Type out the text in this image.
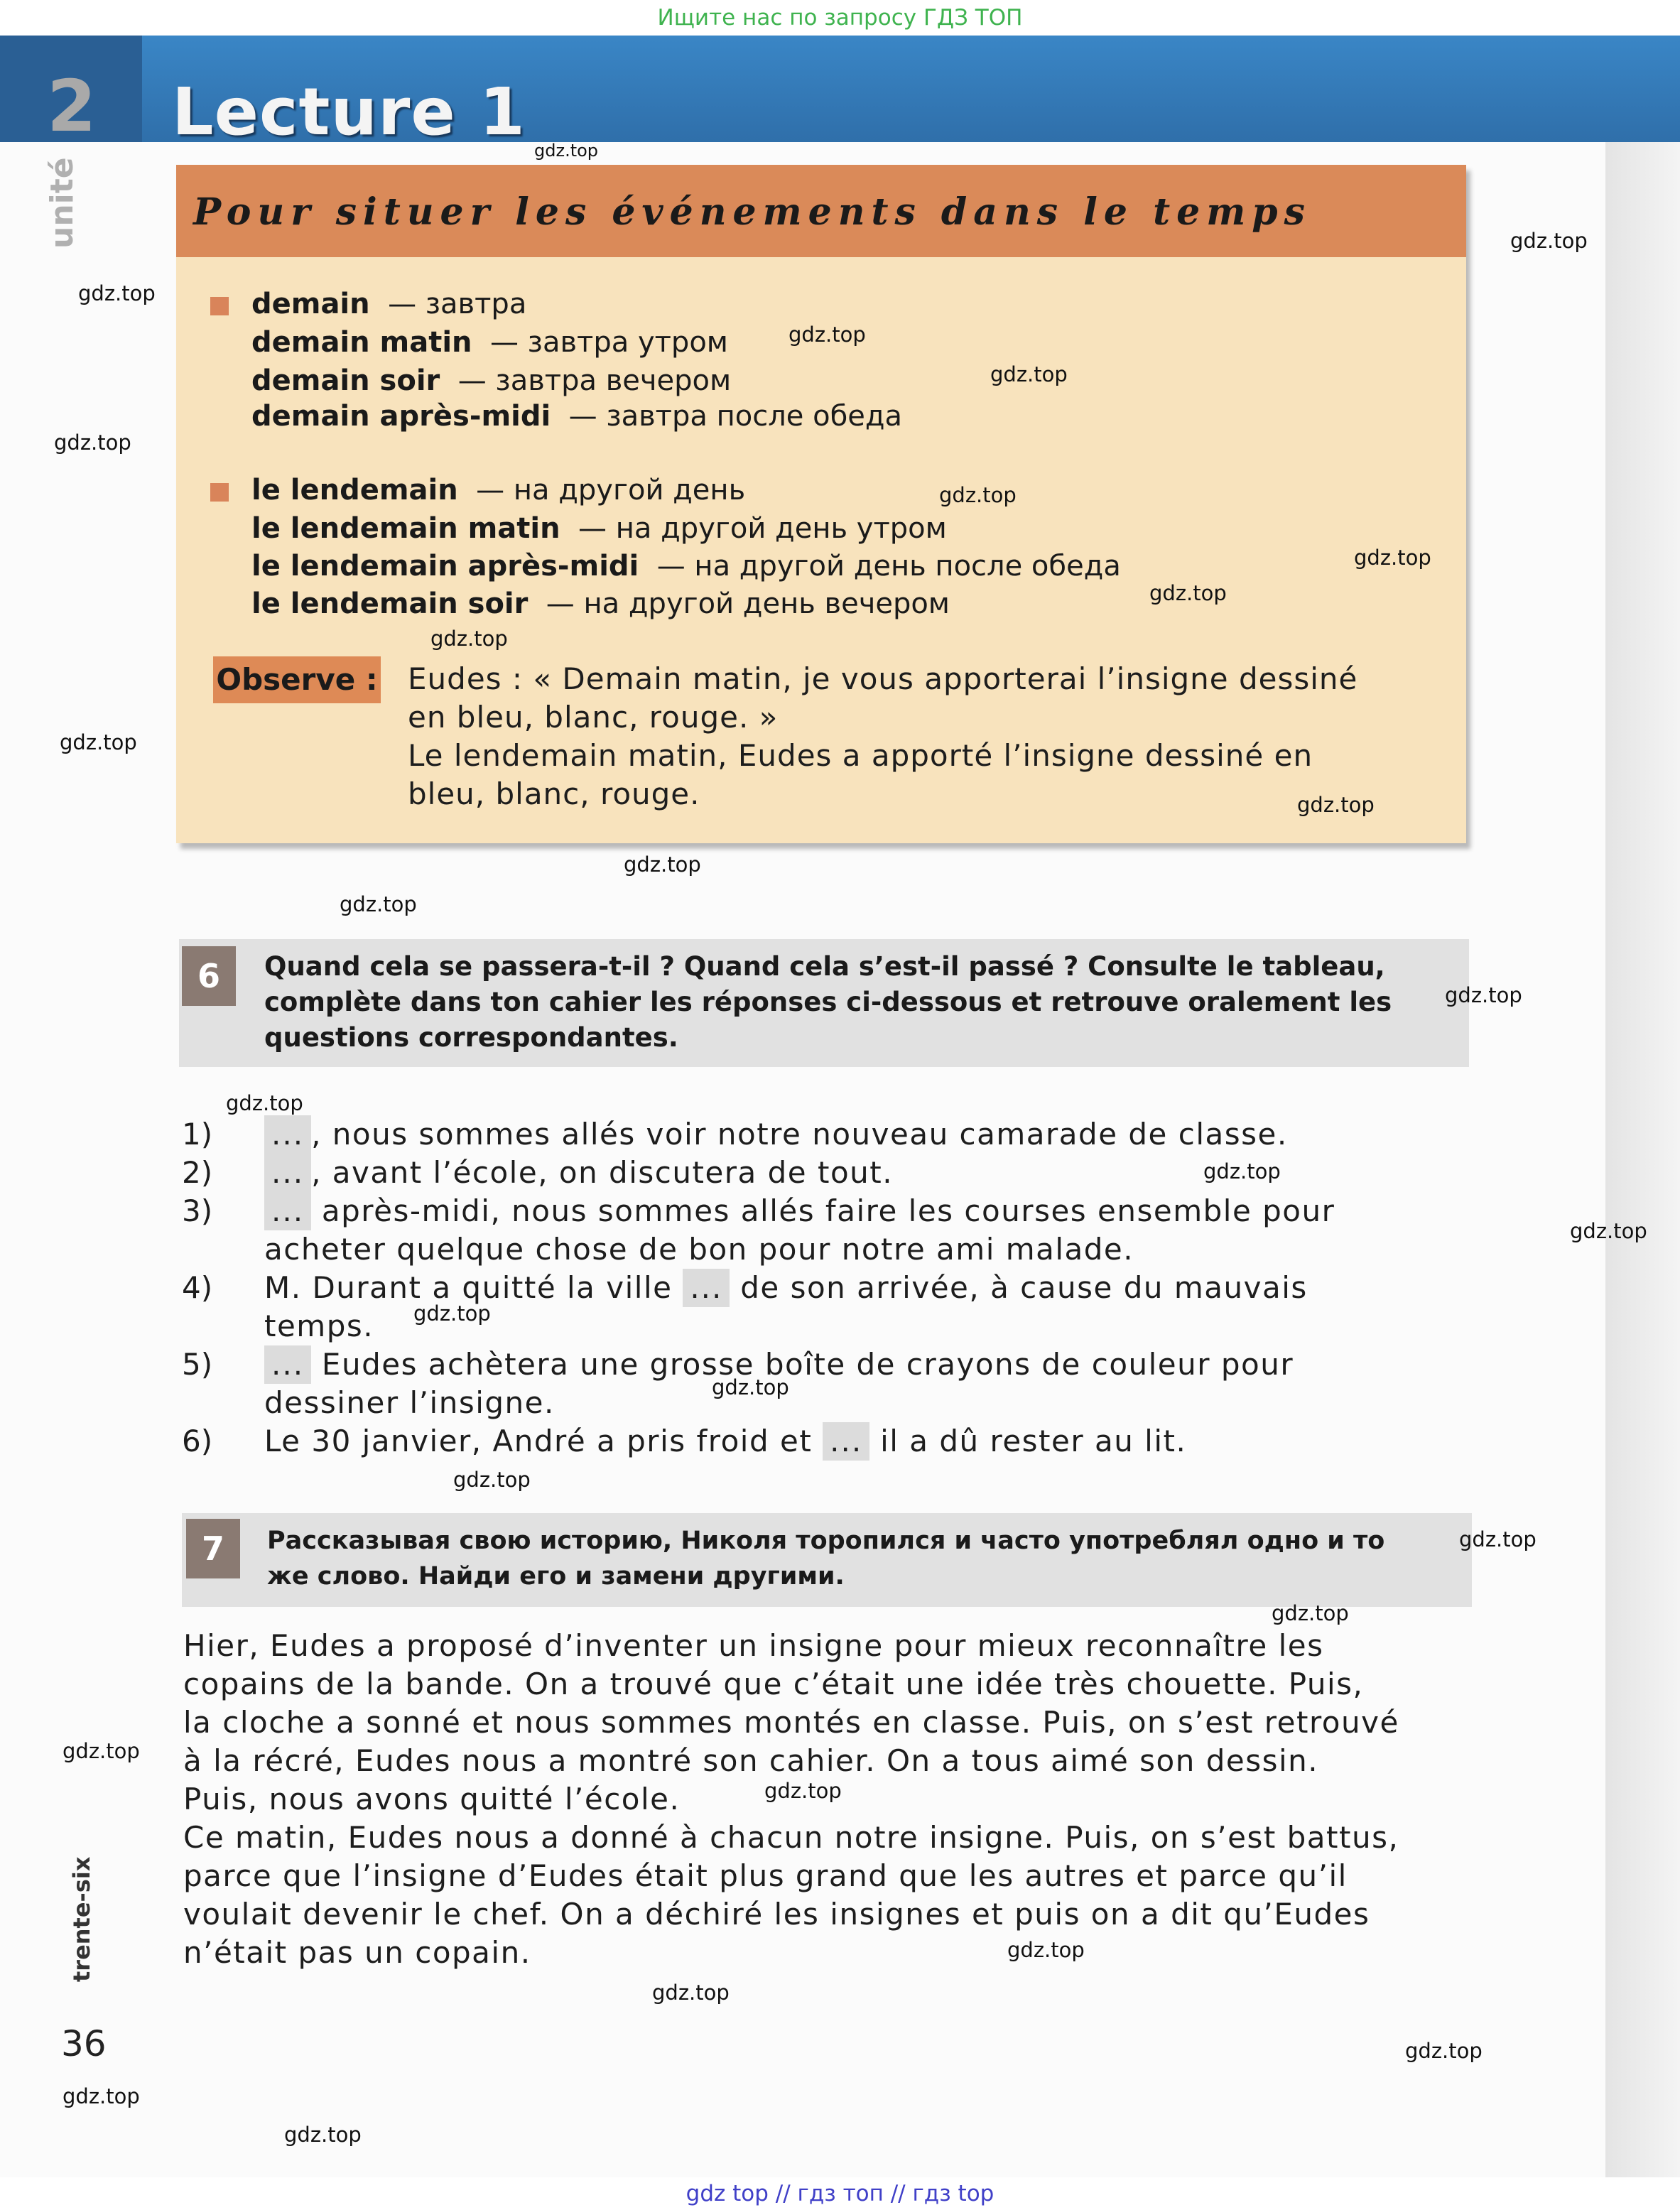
Ищите нас по запросу ГДЗ ТОП
2 Lecture 1
unité	Pour situer les événements dans le temps
demain — завтра
demain matin — завтра утром
demain soir — завтра вечером
demain après-midi — завтра после обеда
le lendemain — на другой день
le lendemain matin — на другой день утром
le lendemain après-midi — на другой день после обеда
le lendemain soir — на другой день вечером
Observe : Eudes : « Demain matin, je vous apporterai l’insigne dessiné
en bleu, blanc, rouge. »
Le lendemain matin, Eudes a apporté l’insigne dessiné en
bleu, blanc, rouge.
6	Quand cela se passera-t-il ? Quand cela s’est-il passé ? Consulte le tableau,
complète dans ton cahier les réponses ci-dessous et retrouve oralement les
questions correspondantes.
1) ... , nous sommes allés voir notre nouveau camarade de classe.
2) ... , avant l’école, on discutera de tout.
3) ... après-midi, nous sommes allés faire les courses ensemble pour
acheter quelque chose de bon pour notre ami malade.
4) M. Durant a quitté la ville ... de son arrivée, à cause du mauvais
temps.
5) ... Eudes achètera une grosse boîte de crayons de couleur pour
dessiner l’insigne.
6) Le 30 janvier, André a pris froid et ... il a dû rester au lit.
7	Рассказывая свою историю, Николя торопился и часто употреблял одно и то
же слово. Найди его и замени другими.
Hier, Eudes a proposé d’inventer un insigne pour mieux reconnaître les
copains de la bande. On a trouvé que c’était une idée très chouette. Puis,
la cloche a sonné et nous sommes montés en classe. Puis, on s’est retrouvé
à la récré, Eudes nous a montré son cahier. On a tous aimé son dessin.
Puis, nous avons quitté l’école.
Ce matin, Eudes nous a donné à chacun notre insigne. Puis, on s’est battus,
parce que l’insigne d’Eudes était plus grand que les autres et parce qu’il
voulait devenir le chef. On a déchiré les insignes et puis on a dit qu’Eudes
n’était pas un copain.
trente-six
36
gdz.top
gdz.top
gdz.top
gdz.top
gdz.top
gdz.top
gdz.top
gdz.top
gdz.top
gdz.top
gdz.top
gdz.top
gdz.top
gdz.top
gdz.top
gdz.top
gdz.top
gdz.top
gdz.top
gdz.top
gdz.top
gdz.top
gdz.top
gdz.top
gdz.top
gdz.top
gdz.top
gdz.top
gdz.top
gdz.top
gdz top // гдз топ // гдз top
